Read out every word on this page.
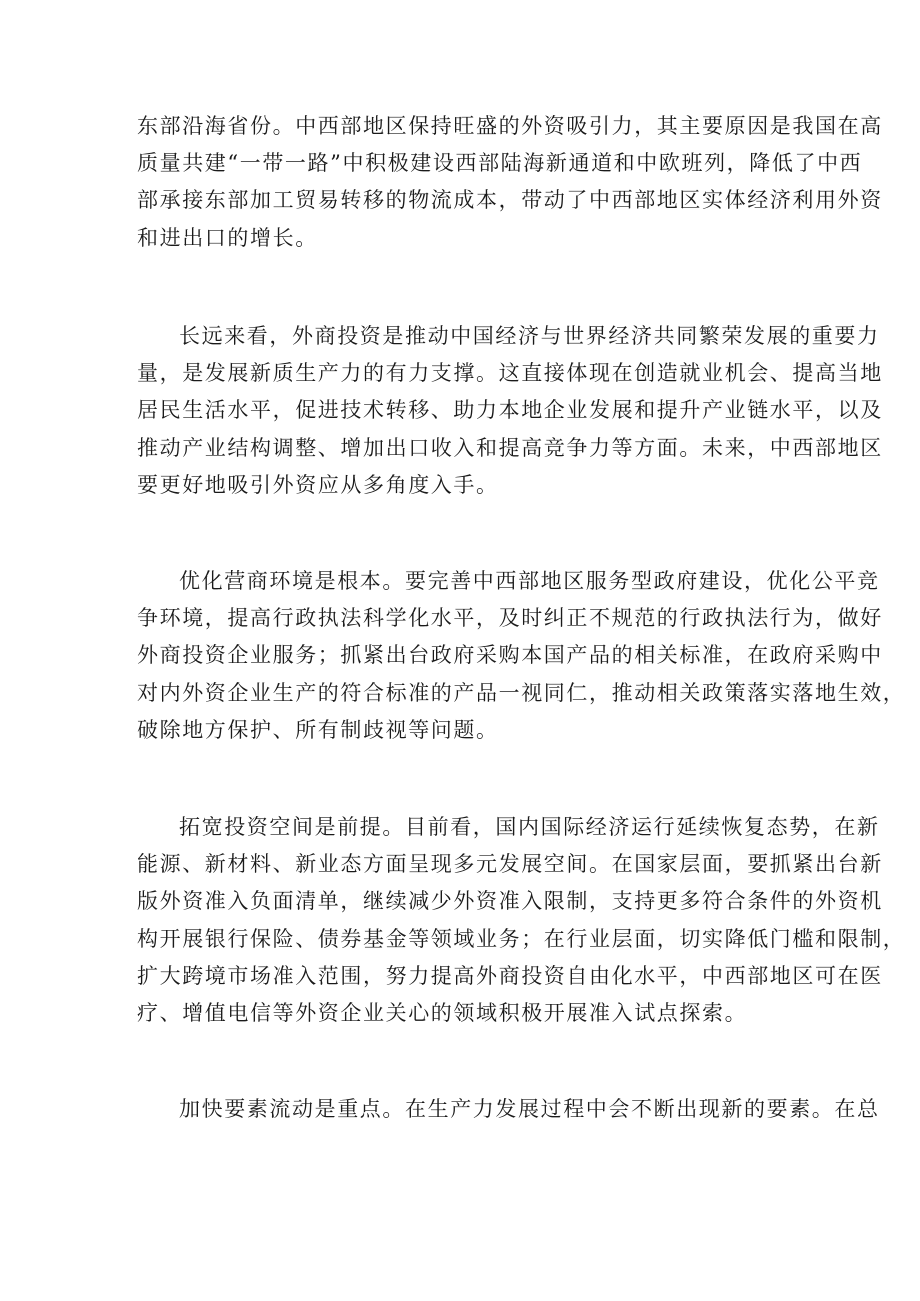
东部沿海省份。中西部地区保持旺盛的外资吸引力，其主要原因是我国在高
质量共建“一带一路”中积极建设西部陆海新通道和中欧班列，降低了中西
部承接东部加工贸易转移的物流成本，带动了中西部地区实体经济利用外资
和进出口的增长。
长远来看，外商投资是推动中国经济与世界经济共同繁荣发展的重要力
量，是发展新质生产力的有力支撑。这直接体现在创造就业机会、提高当地
居民生活水平，促进技术转移、助力本地企业发展和提升产业链水平，以及
推动产业结构调整、增加出口收入和提高竞争力等方面。未来，中西部地区
要更好地吸引外资应从多角度入手。
优化营商环境是根本。要完善中西部地区服务型政府建设，优化公平竞
争环境，提高行政执法科学化水平，及时纠正不规范的行政执法行为，做好
外商投资企业服务；抓紧出台政府采购本国产品的相关标准，在政府采购中
对内外资企业生产的符合标准的产品一视同仁，推动相关政策落实落地生效，
破除地方保护、所有制歧视等问题。
拓宽投资空间是前提。目前看，国内国际经济运行延续恢复态势，在新
能源、新材料、新业态方面呈现多元发展空间。在国家层面，要抓紧出台新
版外资准入负面清单，继续减少外资准入限制，支持更多符合条件的外资机
构开展银行保险、债券基金等领域业务；在行业层面，切实降低门槛和限制，
扩大跨境市场准入范围，努力提高外商投资自由化水平，中西部地区可在医
疗、增值电信等外资企业关心的领域积极开展准入试点探索。
加快要素流动是重点。在生产力发展过程中会不断出现新的要素。在总
